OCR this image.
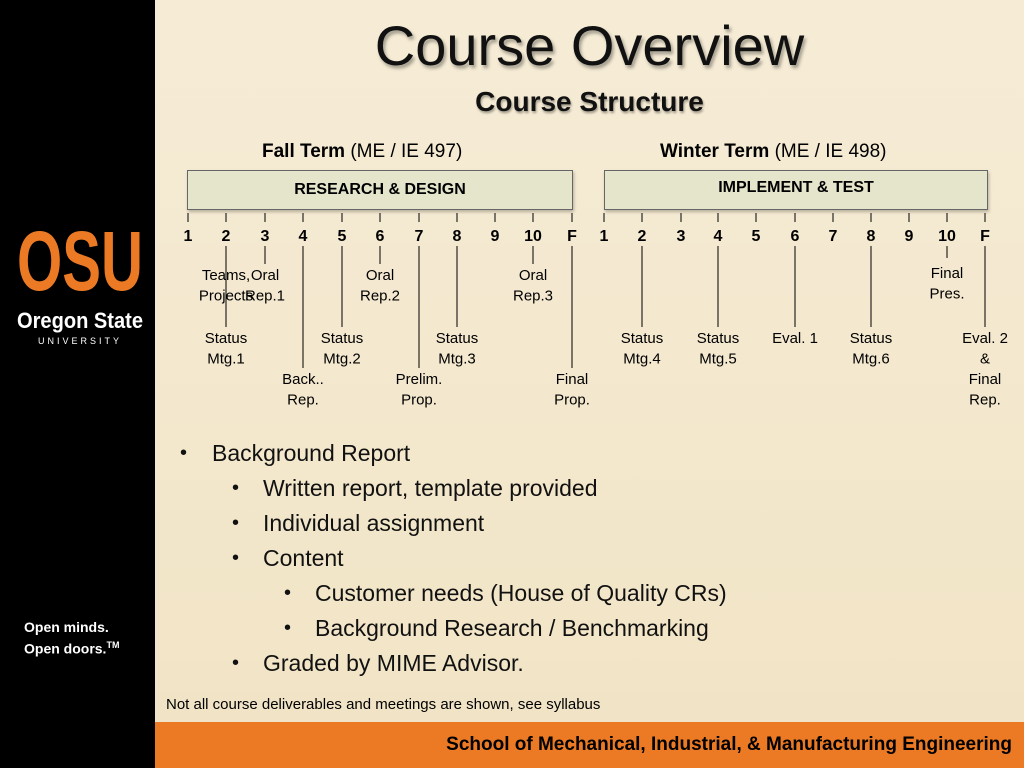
OSU
Oregon State
UNIVERSITY
Open minds.
Open doors.™
Course Overview
Course Structure
Fall Term (ME / IE 497)	Winter Term (ME / IE 498)
RESEARCH & DESIGN	IMPLEMENT & TEST
1 2 3 4 5 6 7 8 9 10 F 1 2 3 4 5 6 7 8 9 10 F
Teams, Projects
Oral Rep.1
Oral Rep.2
Oral Rep.3
Final Pres.
Status Mtg.1
Status Mtg.2
Status Mtg.3
Status Mtg.4
Status Mtg.5
Eval. 1 Status Mtg.6
Eval. 2 & Final Rep.
Back.. Rep.
Prelim. Prop.
Final Prop.
• Background Report
• Written report, template provided
• Individual assignment
• Content
• Customer needs (House of Quality CRs)
• Background Research / Benchmarking
• Graded by MIME Advisor.
Not all course deliverables and meetings are shown, see syllabus
School of Mechanical, Industrial, & Manufacturing Engineering
